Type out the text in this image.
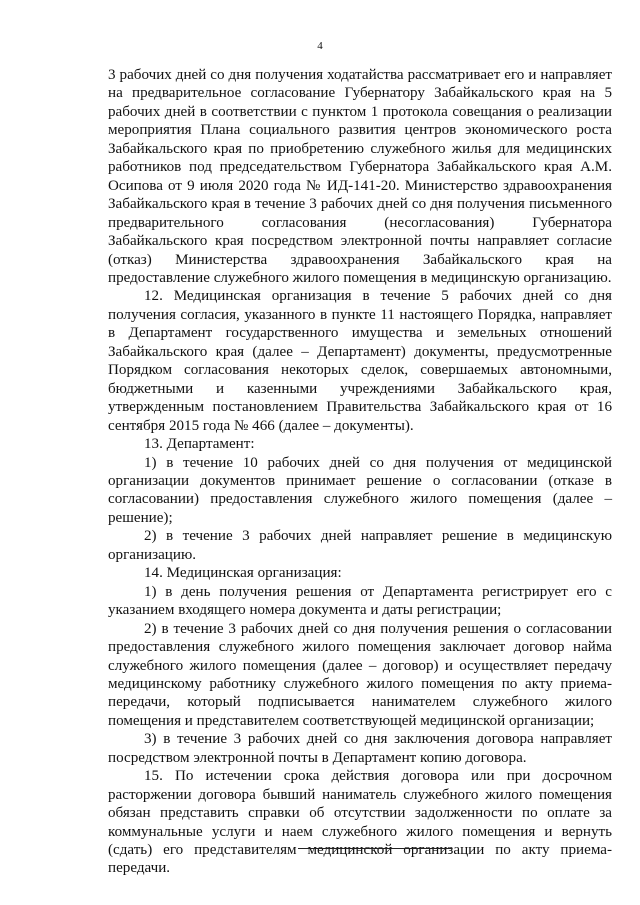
4

3 рабочих дней со дня получения ходатайства рассматривает его и направляет на предварительное согласование Губернатору Забайкальского края на 5 рабочих дней в соответствии с пунктом 1 протокола совещания о реализации мероприятия Плана социального развития центров экономического роста Забайкальского края по приобретению служебного жилья для медицинских работников под председательством Губернатора Забайкальского края А.М. Осипова от 9 июля 2020 года № ИД-141-20. Министерство здравоохранения Забайкальского края в течение 3 рабочих дней со дня получения письменного предварительного согласования (несогласования) Губернатора Забайкальского края посредством электронной почты направляет согласие (отказ) Министерства здравоохранения Забайкальского края на предоставление служебного жилого помещения в медицинскую организацию.

12. Медицинская организация в течение 5 рабочих дней со дня получения согласия, указанного в пункте 11 настоящего Порядка, направляет в Департамент государственного имущества и земельных отношений Забайкальского края (далее – Департамент) документы, предусмотренные Порядком согласования некоторых сделок, совершаемых автономными, бюджетными и казенными учреждениями Забайкальского края, утвержденным постановлением Правительства Забайкальского края от 16 сентября 2015 года № 466 (далее – документы).

13. Департамент:

1) в течение 10 рабочих дней со дня получения от медицинской организации документов принимает решение о согласовании (отказе в согласовании) предоставления служебного жилого помещения (далее – решение);

2) в течение 3 рабочих дней направляет решение в медицинскую организацию.

14. Медицинская организация:

1) в день получения решения от Департамента регистрирует его с указанием входящего номера документа и даты регистрации;

2) в течение 3 рабочих дней со дня получения решения о согласовании предоставления служебного жилого помещения заключает договор найма служебного жилого помещения (далее – договор) и осуществляет передачу медицинскому работнику служебного жилого помещения по акту приема-передачи, который подписывается нанимателем служебного жилого помещения и представителем соответствующей медицинской организации;

3) в течение 3 рабочих дней со дня заключения договора направляет посредством электронной почты в Департамент копию договора.

15. По истечении срока действия договора или при досрочном расторжении договора бывший наниматель служебного жилого помещения обязан представить справки об отсутствии задолженности по оплате за коммунальные услуги и наем служебного жилого помещения и вернуть (сдать) его представителям медицинской организации по акту приема-передачи.
